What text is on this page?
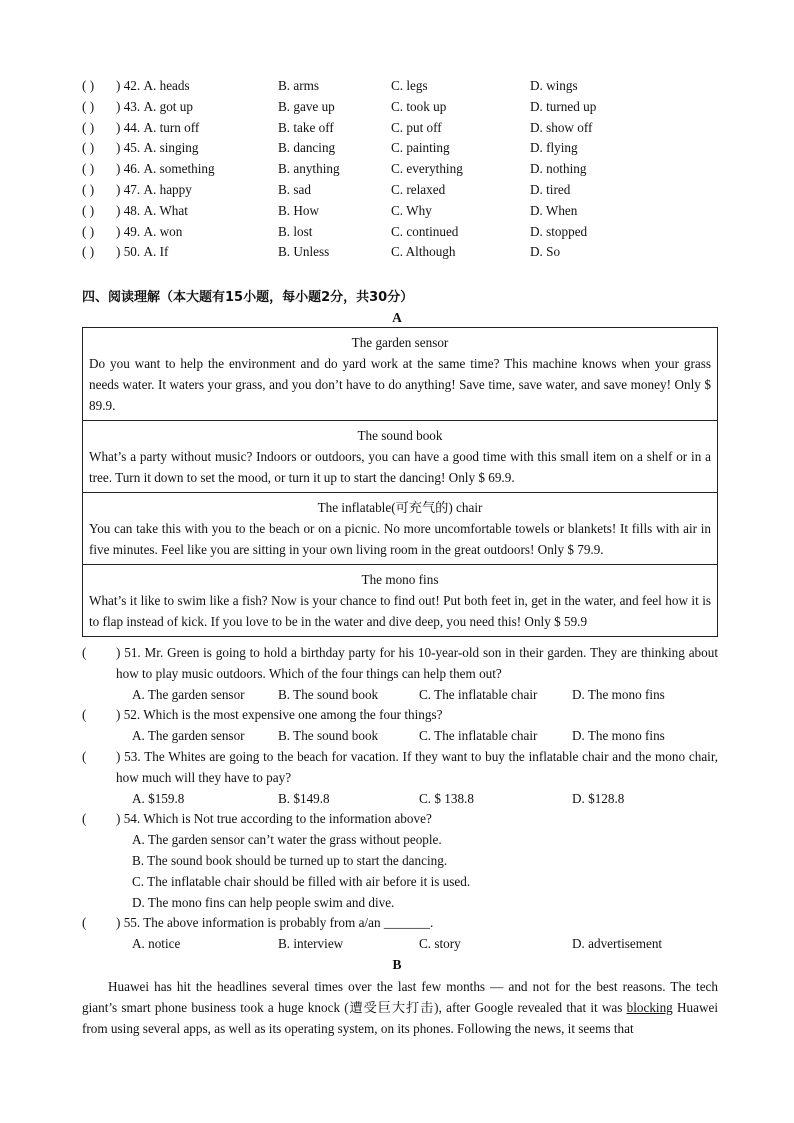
( ) ) 42. A. heads	B. arms	C. legs	D. wings
( ) ) 43. A. got up	B. gave up	C. took up	D. turned up
( ) ) 44. A. turn off	B. take off	C. put off	D. show off
( ) ) 45. A. singing	B. dancing	C. painting	D. flying
( ) ) 46. A. something	B. anything	C. everything	D. nothing
( ) ) 47. A. happy	B. sad	C. relaxed	D. tired
( ) ) 48. A. What	B. How	C. Why	D. When
( ) ) 49. A. won	B. lost	C. continued	D. stopped
( ) ) 50. A. If	B. Unless	C. Although	D. So
四、阅读理解（本大题有15小题，每小题2分，共30分）
A
The garden sensor
Do you want to help the environment and do yard work at the same time? This machine knows when your grass needs water. It waters your grass, and you don’t have to do anything! Save time, save water, and save money! Only $ 89.9.
The sound book
What’s a party without music? Indoors or outdoors, you can have a good time with this small item on a shelf or in a tree. Turn it down to set the mood, or turn it up to start the dancing! Only $ 69.9.
The inflatable(可充气的) chair
You can take this with you to the beach or on a picnic. No more uncomfortable towels or blankets! It fills with air in five minutes. Feel like you are sitting in your own living room in the great outdoors! Only $ 79.9.
The mono fins
What’s it like to swim like a fish? Now is your chance to find out! Put both feet in, get in the water, and feel how it is to flap instead of kick. If you love to be in the water and dive deep, you need this! Only $ 59.9
( ) 51. Mr. Green is going to hold a birthday party for his 10-year-old son in their garden. They are thinking about how to play music outdoors. Which of the four things can help them out?
A. The garden sensor	B. The sound book	C. The inflatable chair	D. The mono fins
( ) 52. Which is the most expensive one among the four things?
A. The garden sensor	B. The sound book	C. The inflatable chair	D. The mono fins
( ) 53. The Whites are going to the beach for vacation. If they want to buy the inflatable chair and the mono chair, how much will they have to pay?
A. $159.8	B. $149.8	C. $ 138.8	D. $128.8
( ) 54. Which is Not true according to the information above?
A. The garden sensor can’t water the grass without people.
B. The sound book should be turned up to start the dancing.
C. The inflatable chair should be filled with air before it is used.
D. The mono fins can help people swim and dive.
( ) 55. The above information is probably from a/an _______.
A. notice	B. interview	C. story	D. advertisement
B
Huawei has hit the headlines several times over the last few months — and not for the best reasons. The tech giant’s smart phone business took a huge knock (遭受巨大打击), after Google revealed that it was blocking Huawei from using several apps, as well as its operating system, on its phones. Following the news, it seems that
